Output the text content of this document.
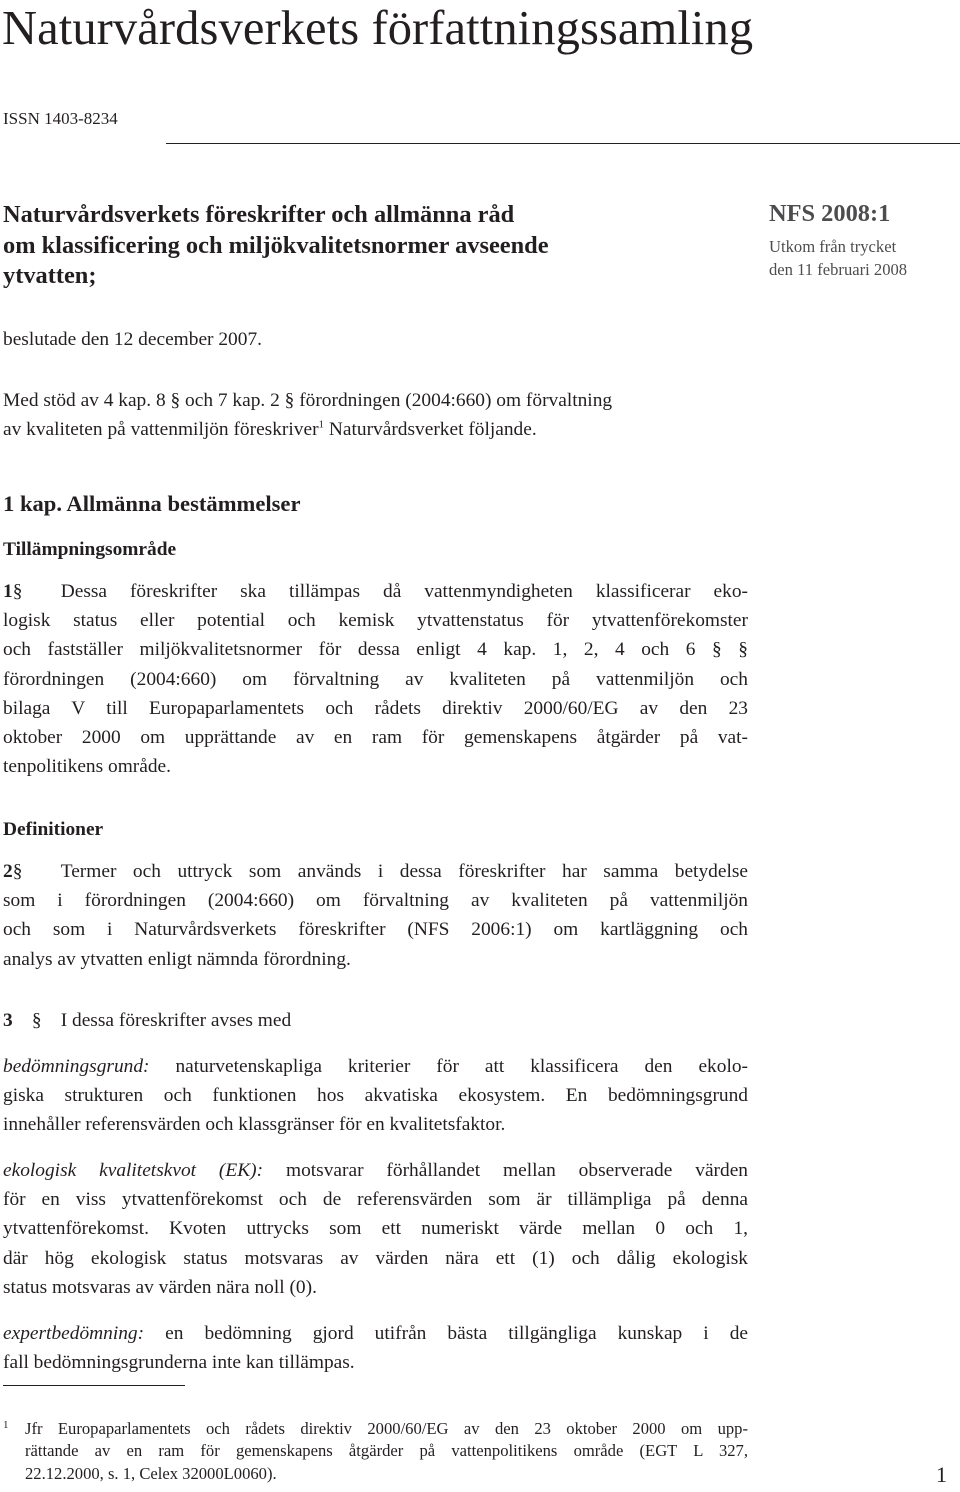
Naturvårdsverkets författningssamling
ISSN 1403-8234
Naturvårdsverkets föreskrifter och allmänna råd
om klassificering och miljökvalitetsnormer avseende
ytvatten;
NFS 2008:1
Utkom från trycket
den 11 februari 2008
beslutade den 12 december 2007.
Med stöd av 4 kap. 8 § och 7 kap. 2 § förordningen (2004:660) om förvaltning
av kvaliteten på vattenmiljön föreskriver$^1$ Naturvårdsverket följande.
1 kap. Allmänna bestämmelser
Tillämpningsområde
1§ Dessa föreskrifter ska tillämpas då vattenmyndigheten klassificerar eko-
logisk status eller potential och kemisk ytvattenstatus för ytvattenförekomster
och fastställer miljökvalitetsnormer för dessa enligt 4 kap. 1, 2, 4 och 6 § §
förordningen (2004:660) om förvaltning av kvaliteten på vattenmiljön och
bilaga V till Europaparlamentets och rådets direktiv 2000/60/EG av den 23
oktober 2000 om upprättande av en ram för gemenskapens åtgärder på vat-
tenpolitikens område.
Definitioner
2§ Termer och uttryck som används i dessa föreskrifter har samma betydelse
som i förordningen (2004:660) om förvaltning av kvaliteten på vattenmiljön
och som i Naturvårdsverkets föreskrifter (NFS 2006:1) om kartläggning och
analys av ytvatten enligt nämnda förordning.
3 § I dessa föreskrifter avses med
bedömningsgrund: naturvetenskapliga kriterier för att klassificera den ekolo-
giska strukturen och funktionen hos akvatiska ekosystem. En bedömningsgrund
innehåller referensvärden och klassgränser för en kvalitetsfaktor.
ekologisk kvalitetskvot (EK): motsvarar förhållandet mellan observerade värden
för en viss ytvattenförekomst och de referensvärden som är tillämpliga på denna
ytvattenförekomst. Kvoten uttrycks som ett numeriskt värde mellan 0 och 1,
där hög ekologisk status motsvaras av värden nära ett (1) och dålig ekologisk
status motsvaras av värden nära noll (0).
expertbedömning: en bedömning gjord utifrån bästa tillgängliga kunskap i de
fall bedömningsgrunderna inte kan tillämpas.
1 Jfr Europaparlamentets och rådets direktiv 2000/60/EG av den 23 oktober 2000 om upp-
rättande av en ram för gemenskapens åtgärder på vattenpolitikens område (EGT L 327,
22.12.2000, s. 1, Celex 32000L0060).	1
